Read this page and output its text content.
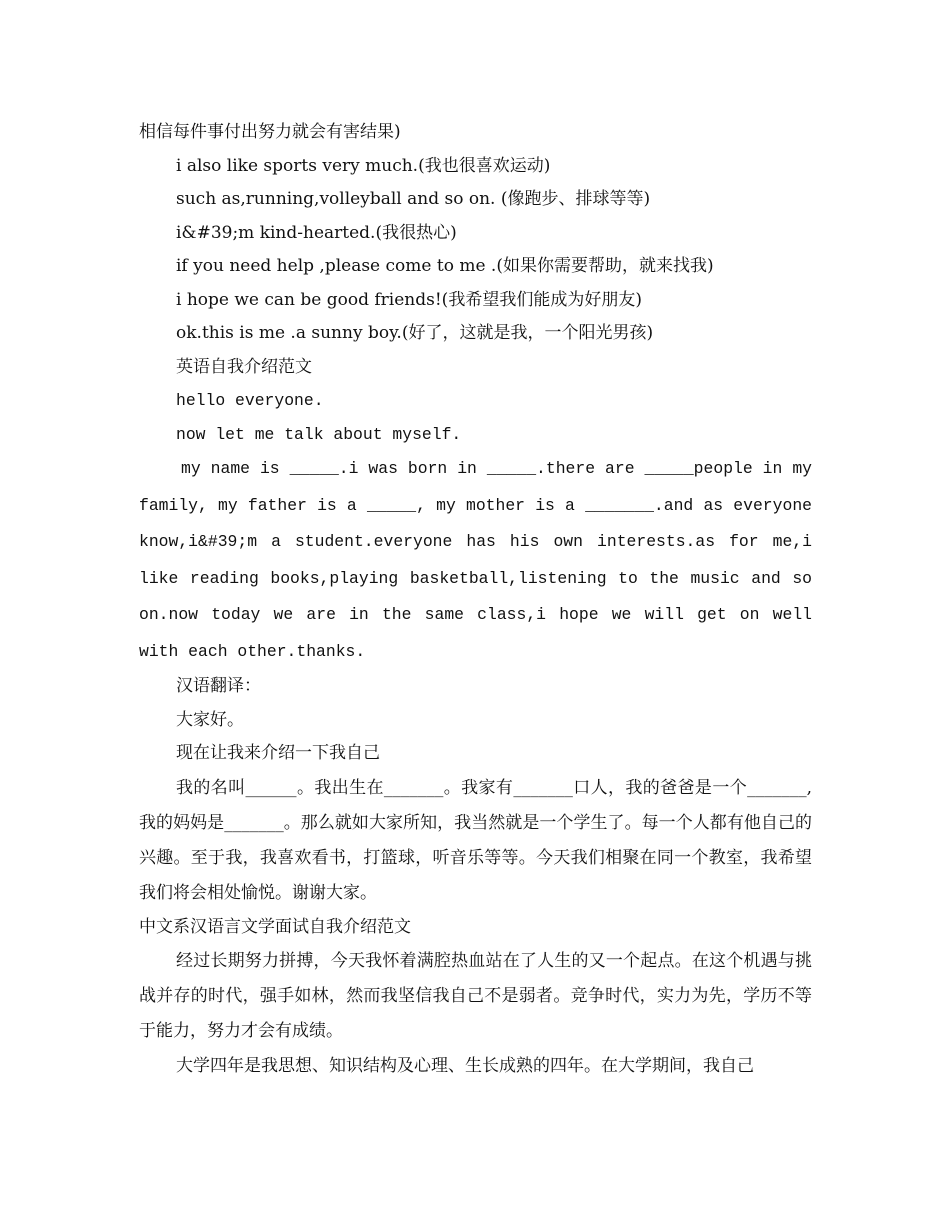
相信每件事付出努力就会有害结果)

i also like sports very much.(我也很喜欢运动)

such as,running,volleyball and so on. (像跑步、排球等等)

i&#39;m kind-hearted.(我很热心)

if you need help ,please come to me .(如果你需要帮助，就来找我)

i hope we can be good friends!(我希望我们能成为好朋友)

ok.this is me .a sunny boy.(好了，这就是我，一个阳光男孩)

英语自我介绍范文

hello everyone.

now let me talk about myself.

my name is _____.i was born in _____.there are _____people in my family, my father is a _____, my mother is a _______.and as everyone know,i&#39;m a student.everyone has his own interests.as for me,i like reading books,playing basketball,listening to the music and so on.now today we are in the same class,i hope we will get on well with each other.thanks.

汉语翻译：

大家好。

现在让我来介绍一下我自己

我的名叫______。我出生在_______。我家有_______口人，我的爸爸是一个_______,我的妈妈是_______。那么就如大家所知，我当然就是一个学生了。每一个人都有他自己的兴趣。至于我，我喜欢看书，打篮球，听音乐等等。今天我们相聚在同一个教室，我希望我们将会相处愉悦。谢谢大家。

中文系汉语言文学面试自我介绍范文

经过长期努力拼搏，今天我怀着满腔热血站在了人生的又一个起点。在这个机遇与挑战并存的时代，强手如林，然而我坚信我自己不是弱者。竞争时代，实力为先，学历不等于能力，努力才会有成绩。

大学四年是我思想、知识结构及心理、生长成熟的四年。在大学期间，我自己
